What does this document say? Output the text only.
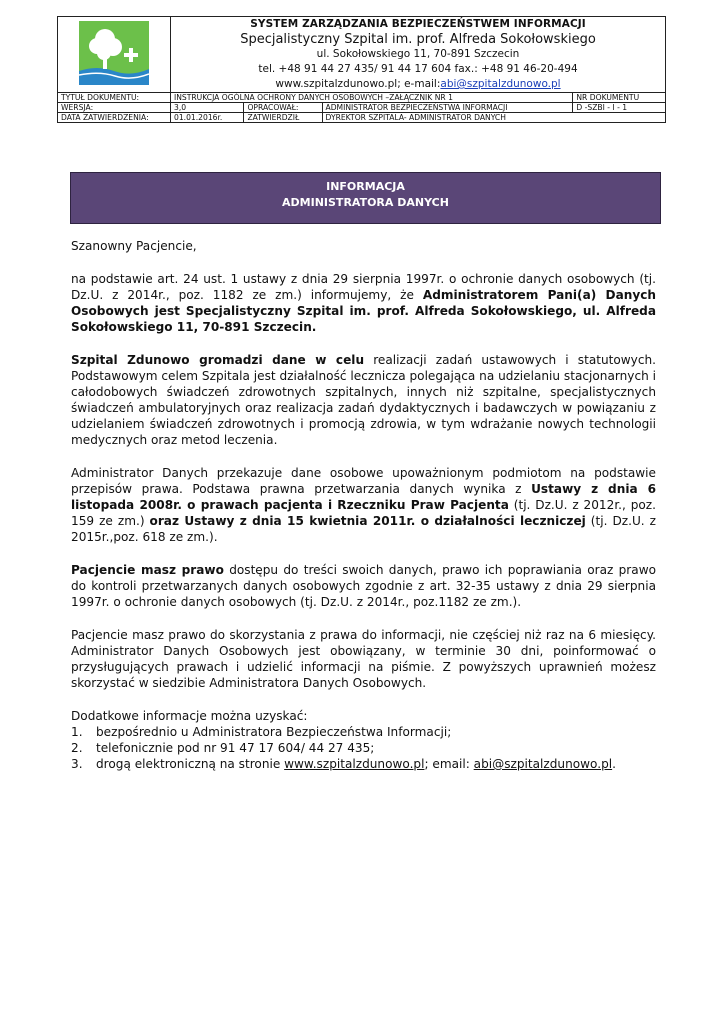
SYSTEM ZARZĄDZANIA BEZPIECZEŃSTWEM INFORMACJI
Specjalistyczny Szpital im. prof. Alfreda Sokołowskiego
ul. Sokołowskiego 11, 70-891 Szczecin
tel. +48 91 44 27 435/ 91 44 17 604 fax.: +48 91 46-20-494
www.szpitalzdunowo.pl; e-mail:abi@szpitalzdunowo.pl			

TYTUŁ DOKUMENTU:	INSTRUKCJA OGÓLNA OCHRONY DANYCH OSOBOWYCH –ZAŁĄCZNIK NR 1			NR DOKUMENTU
WERSJA:	3,0	OPRACOWAŁ:	ADMINISTRATOR BEZPIECZEŃSTWA INFORMACJI	D -SZBI - I - 1
DATA ZATWIERDZENIA:	01.01.2016r.	ZATWIERDZIŁ	DYREKTOR SZPITALA- ADMINISTRATOR DANYCH	
INFORMACJA
ADMINISTRATORA DANYCH

Szanowny Pacjencie,

na podstawie art. 24 ust. 1 ustawy z dnia 29 sierpnia 1997r. o ochronie danych osobowych (tj. Dz.U. z 2014r., poz. 1182 ze zm.) informujemy, że Administratorem Pani(a) Danych Osobowych jest Specjalistyczny Szpital im. prof. Alfreda Sokołowskiego, ul. Alfreda Sokołowskiego 11, 70-891 Szczecin.

Szpital Zdunowo gromadzi dane w celu realizacji zadań ustawowych i statutowych. Podstawowym celem Szpitala jest działalność lecznicza polegająca na udzielaniu stacjonarnych i całodobowych świadczeń zdrowotnych szpitalnych, innych niż szpitalne, specjalistycznych świadczeń ambulatoryjnych oraz realizacja zadań dydaktycznych i badawczych w powiązaniu z udzielaniem świadczeń zdrowotnych i promocją zdrowia, w tym wdrażanie nowych technologii medycznych oraz metod leczenia.

Administrator Danych przekazuje dane osobowe upoważnionym podmiotom na podstawie przepisów prawa. Podstawa prawna przetwarzania danych wynika z Ustawy z dnia 6 listopada 2008r. o prawach pacjenta i Rzeczniku Praw Pacjenta (tj. Dz.U. z 2012r., poz. 159 ze zm.) oraz Ustawy z dnia 15 kwietnia 2011r. o działalności leczniczej (tj. Dz.U. z 2015r.,poz. 618 ze zm.).

Pacjencie masz prawo dostępu do treści swoich danych, prawo ich poprawiania oraz prawo do kontroli przetwarzanych danych osobowych zgodnie z art. 32-35 ustawy z dnia 29 sierpnia 1997r. o ochronie danych osobowych (tj. Dz.U. z 2014r., poz.1182 ze zm.).

Pacjencie masz prawo do skorzystania z prawa do informacji, nie częściej niż raz na 6 miesięcy. Administrator Danych Osobowych jest obowiązany, w terminie 30 dni, poinformować o przysługujących prawach i udzielić informacji na piśmie. Z powyższych uprawnień możesz skorzystać w siedzibie Administratora Danych Osobowych.

Dodatkowe informacje można uzyskać:

1.	bezpośrednio u Administratora Bezpieczeństwa Informacji;
2.	telefonicznie pod nr 91 47 17 604/ 44 27 435;
3.	drogą elektroniczną na stronie www.szpitalzdunowo.pl; email: abi@szpitalzdunowo.pl.
